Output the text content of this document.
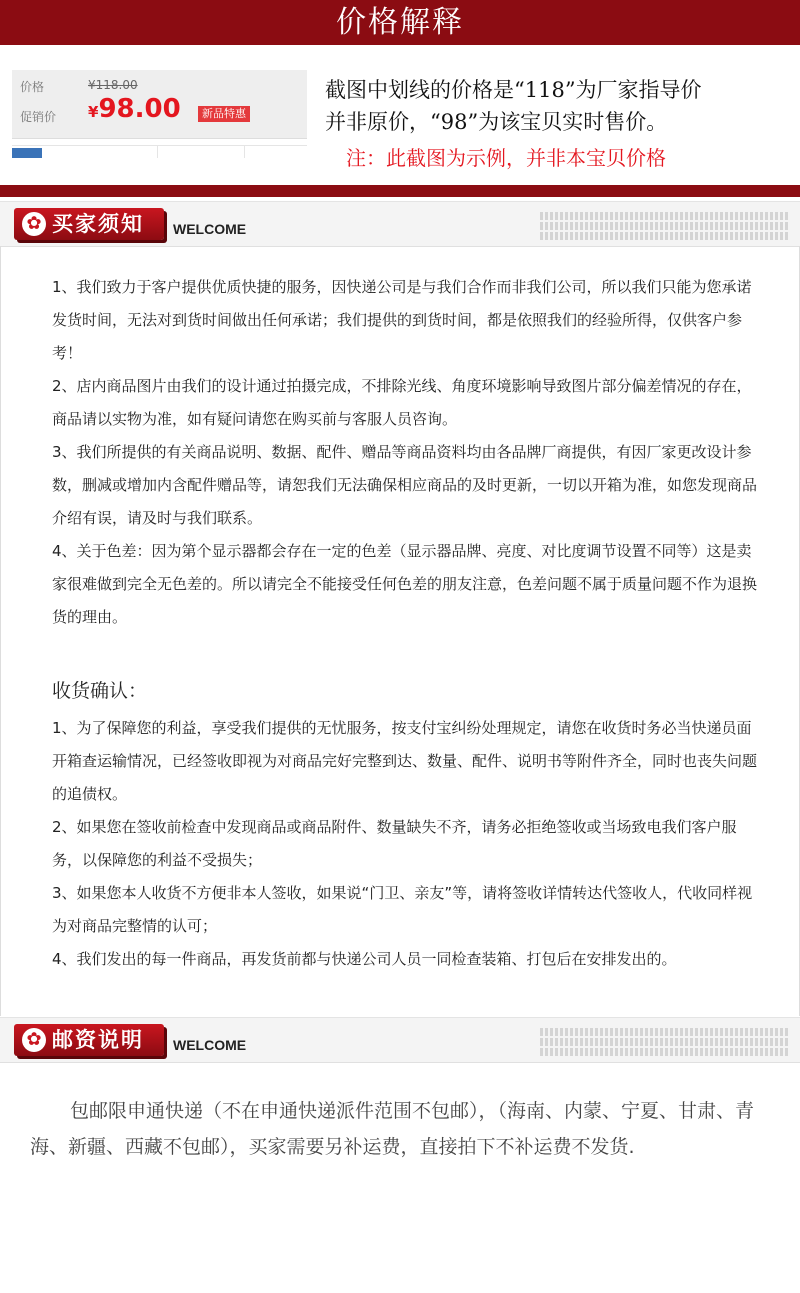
价格解释
价格	¥118.00
促销价 ¥98.00	新品特惠
截图中划线的价格是“118”为厂家指导价
并非原价，“98”为该宝贝实时售价。
注：此截图为示例，并非本宝贝价格
✿ 买家须知 WELCOME
1、我们致力于客户提供优质快捷的服务，因快递公司是与我们合作而非我们公司，所以我们只能为您承诺发货时间，无法对到货时间做出任何承诺；我们提供的到货时间，都是依照我们的经验所得，仅供客户参考！
2、店内商品图片由我们的设计通过拍摄完成，不排除光线、角度环境影响导致图片部分偏差情况的存在，商品请以实物为准，如有疑问请您在购买前与客服人员咨询。
3、我们所提供的有关商品说明、数据、配件、赠品等商品资料均由各品牌厂商提供，有因厂家更改设计参数，删减或增加内含配件赠品等，请恕我们无法确保相应商品的及时更新，一切以开箱为准，如您发现商品介绍有误，请及时与我们联系。
4、关于色差：因为第个显示器都会存在一定的色差（显示器品牌、亮度、对比度调节设置不同等）这是卖家很难做到完全无色差的。所以请完全不能接受任何色差的朋友注意，色差问题不属于质量问题不作为退换货的理由。
收货确认：
1、为了保障您的利益，享受我们提供的无忧服务，按支付宝纠纷处理规定，请您在收货时务必当快递员面开箱查运输情况，已经签收即视为对商品完好完整到达、数量、配件、说明书等附件齐全，同时也丧失问题的追债权。
2、如果您在签收前检查中发现商品或商品附件、数量缺失不齐，请务必拒绝签收或当场致电我们客户服务，以保障您的利益不受损失；
3、如果您本人收货不方便非本人签收，如果说“门卫、亲友”等，请将签收详情转达代签收人，代收同样视为对商品完整情的认可；
4、我们发出的每一件商品，再发货前都与快递公司人员一同检查装箱、打包后在安排发出的。
✿ 邮资说明 WELCOME
包邮限申通快递（不在申通快递派件范围不包邮），（海南、内蒙、宁夏、甘肃、青海、新疆、西藏不包邮），买家需要另补运费，直接拍下不补运费不发货.
